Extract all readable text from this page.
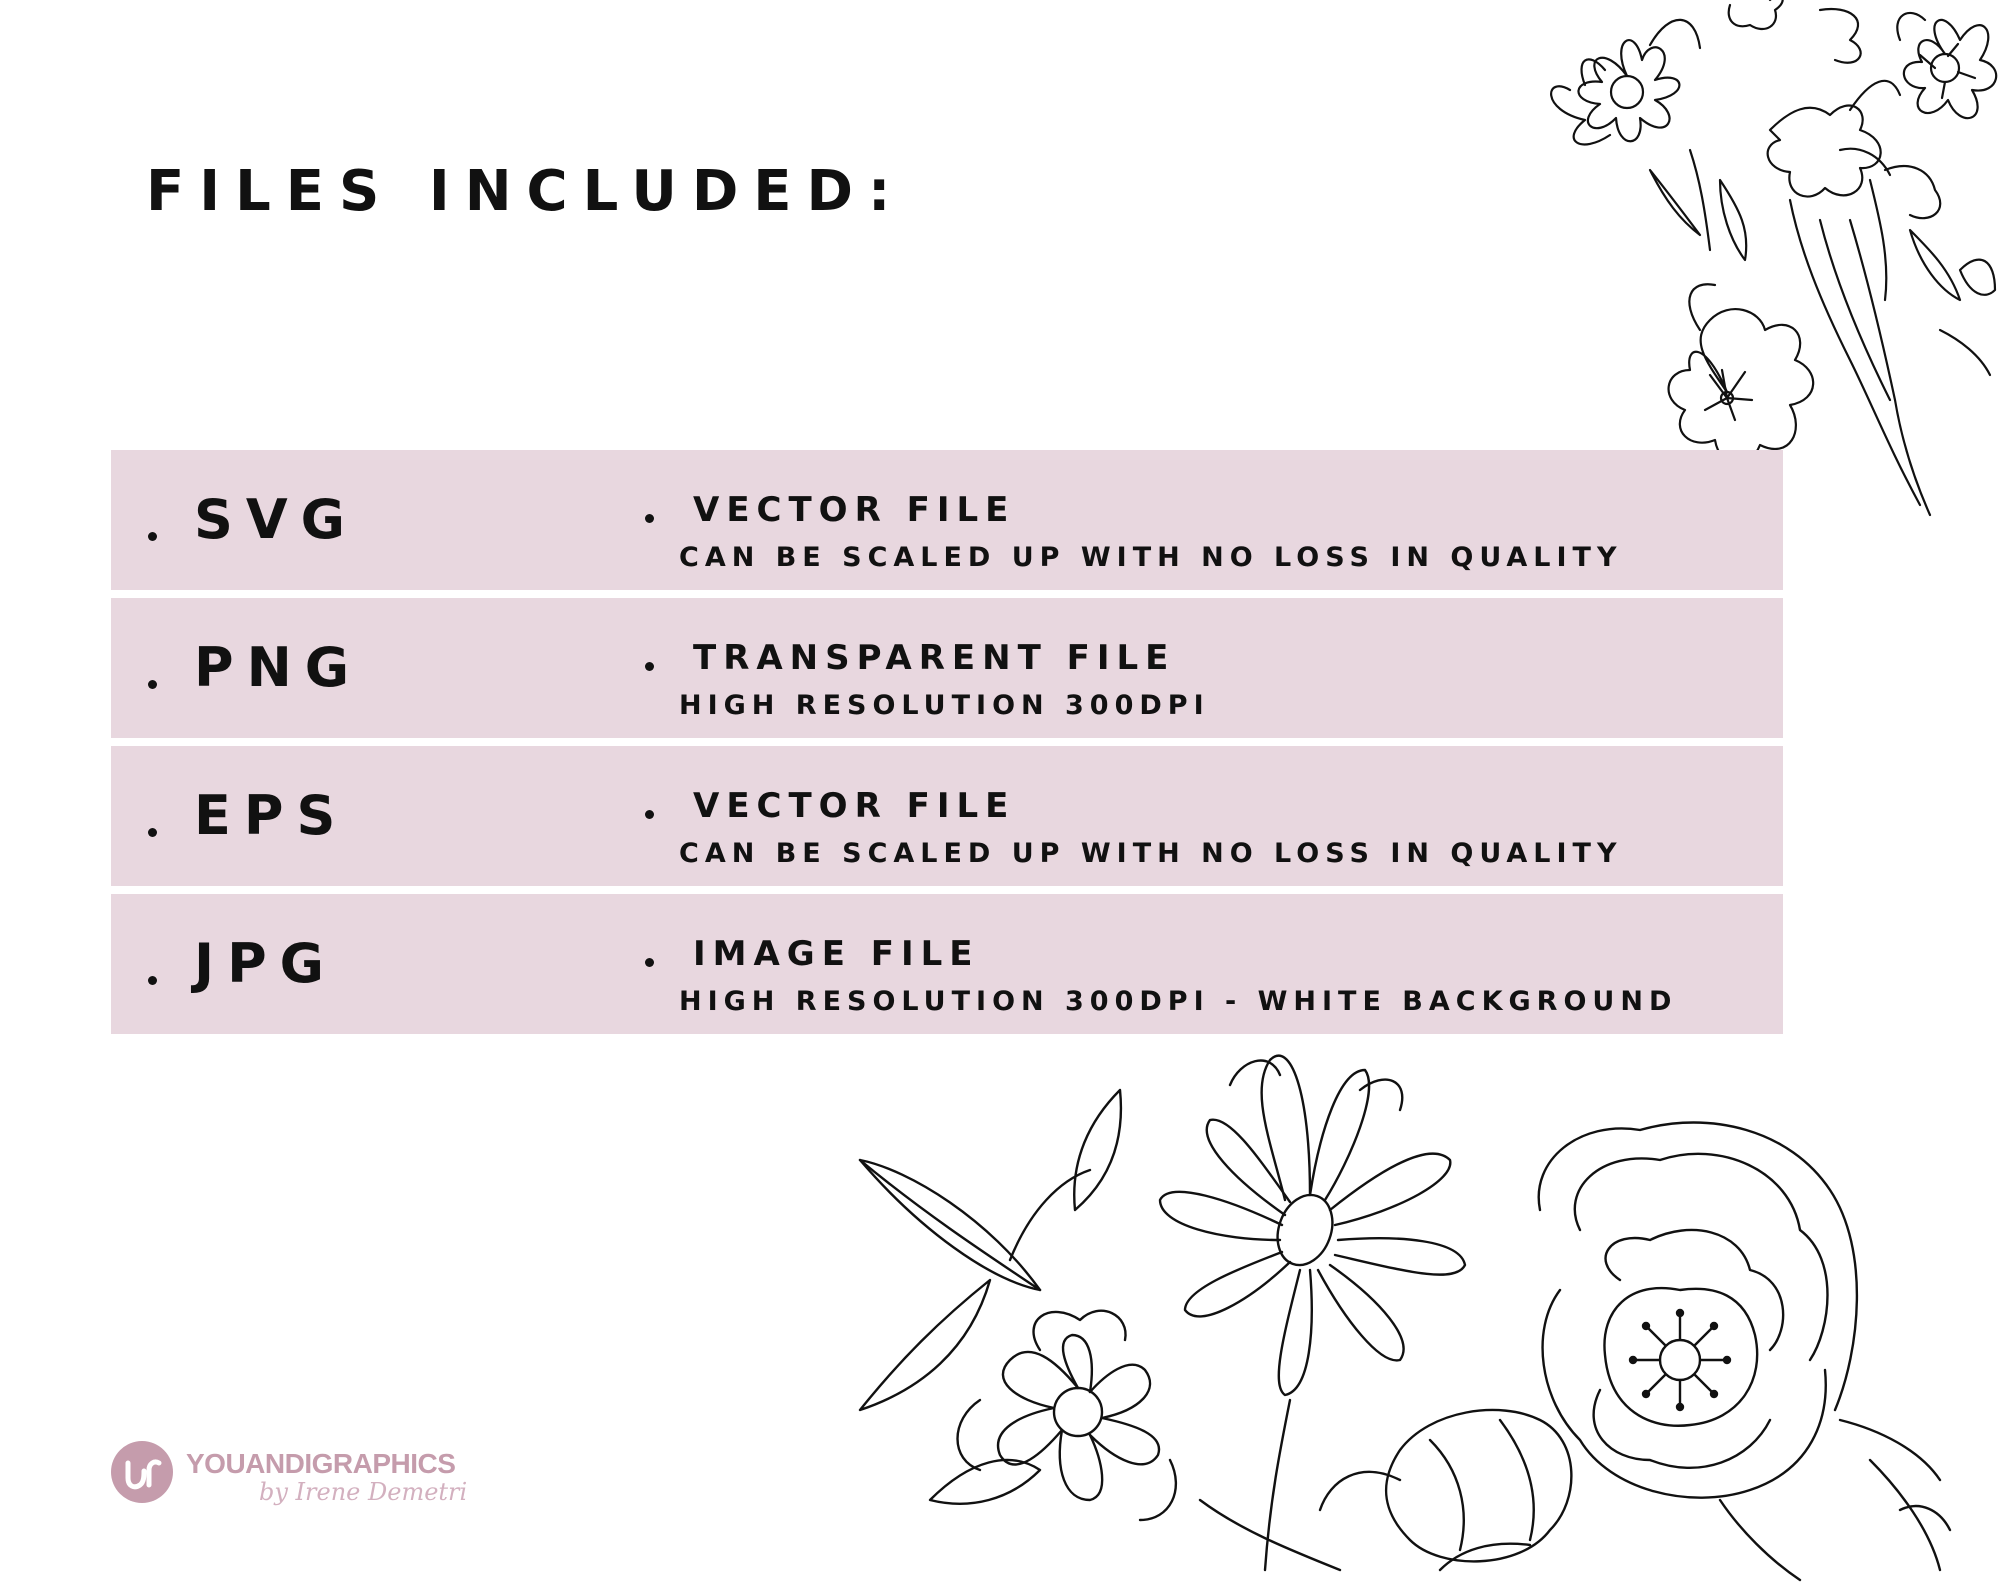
FILES INCLUDED:
SVG	VECTOR FILE
CAN BE SCALED UP WITH NO LOSS IN QUALITY
PNG	TRANSPARENT FILE
HIGH RESOLUTION 300DPI
EPS	VECTOR FILE
CAN BE SCALED UP WITH NO LOSS IN QUALITY
JPG	IMAGE FILE
HIGH RESOLUTION 300DPI - WHITE BACKGROUND
YOUANDIGRAPHICS
by Irene Demetri
